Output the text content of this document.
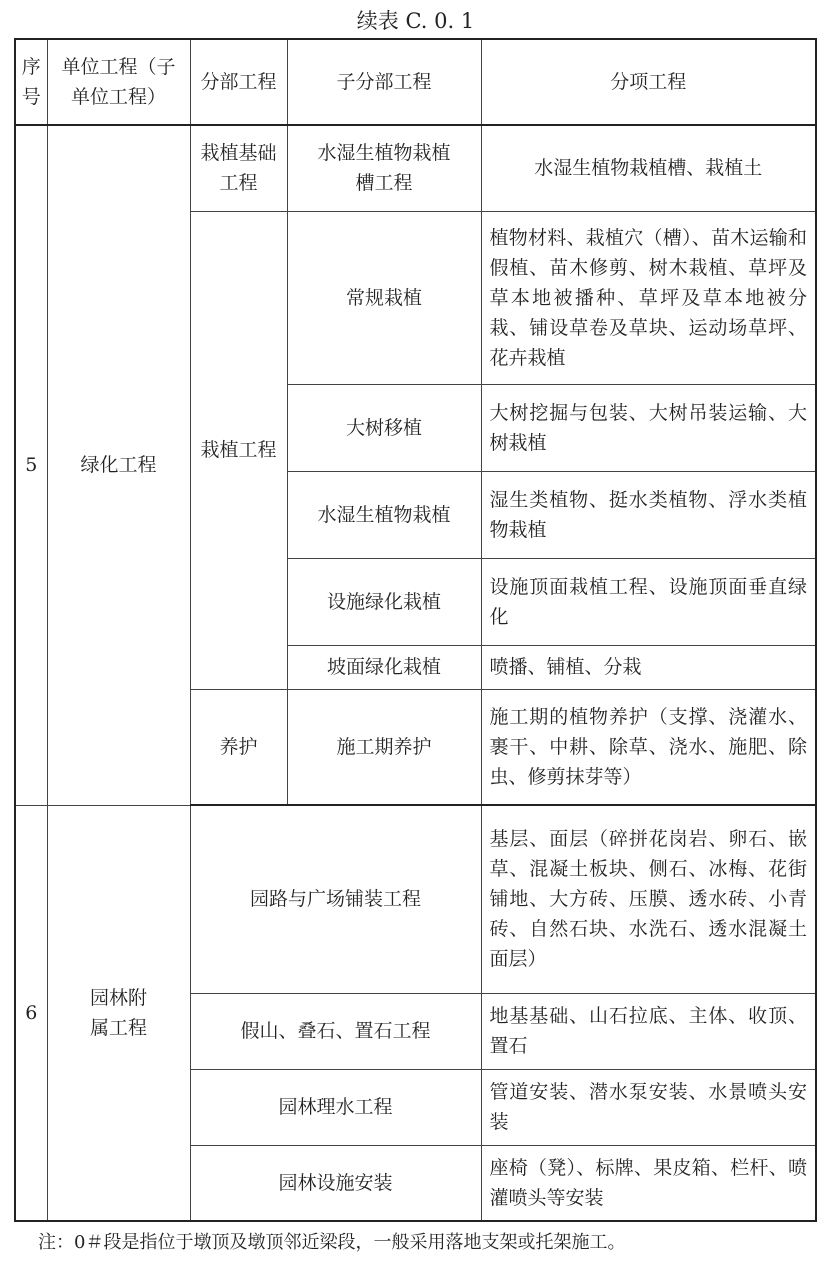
续表 C. 0. 1
序号	单位工程（子单位工程）	分部工程	子分部工程	分项工程
5	绿化工程	栽植基础工程	水湿生植物栽植槽工程	水湿生植物栽植槽、栽植土
		栽植工程	常规栽植	植物材料、栽植穴（槽）、苗木运输和假植、苗木修剪、树木栽植、草坪及草本地被播种、草坪及草本地被分栽、铺设草卷及草块、运动场草坪、花卉栽植
			大树移植	大树挖掘与包装、大树吊装运输、大树栽植
			水湿生植物栽植	湿生类植物、挺水类植物、浮水类植物栽植
			设施绿化栽植	设施顶面栽植工程、设施顶面垂直绿化
			坡面绿化栽植	喷播、铺植、分栽
		养护	施工期养护	施工期的植物养护（支撑、浇灌水、裹干、中耕、除草、浇水、施肥、除虫、修剪抹芽等）
6	园林附属工程	园路与广场铺装工程		基层、面层（碎拼花岗岩、卵石、嵌草、混凝土板块、侧石、冰梅、花街铺地、大方砖、压膜、透水砖、小青砖、自然石块、水洗石、透水混凝土面层）
		假山、叠石、置石工程		地基基础、山石拉底、主体、收顶、置石
		园林理水工程		管道安装、潜水泵安装、水景喷头安装
		园林设施安装		座椅（凳）、标牌、果皮箱、栏杆、喷灌喷头等安装
注：0＃段是指位于墩顶及墩顶邻近梁段，一般采用落地支架或托架施工。
